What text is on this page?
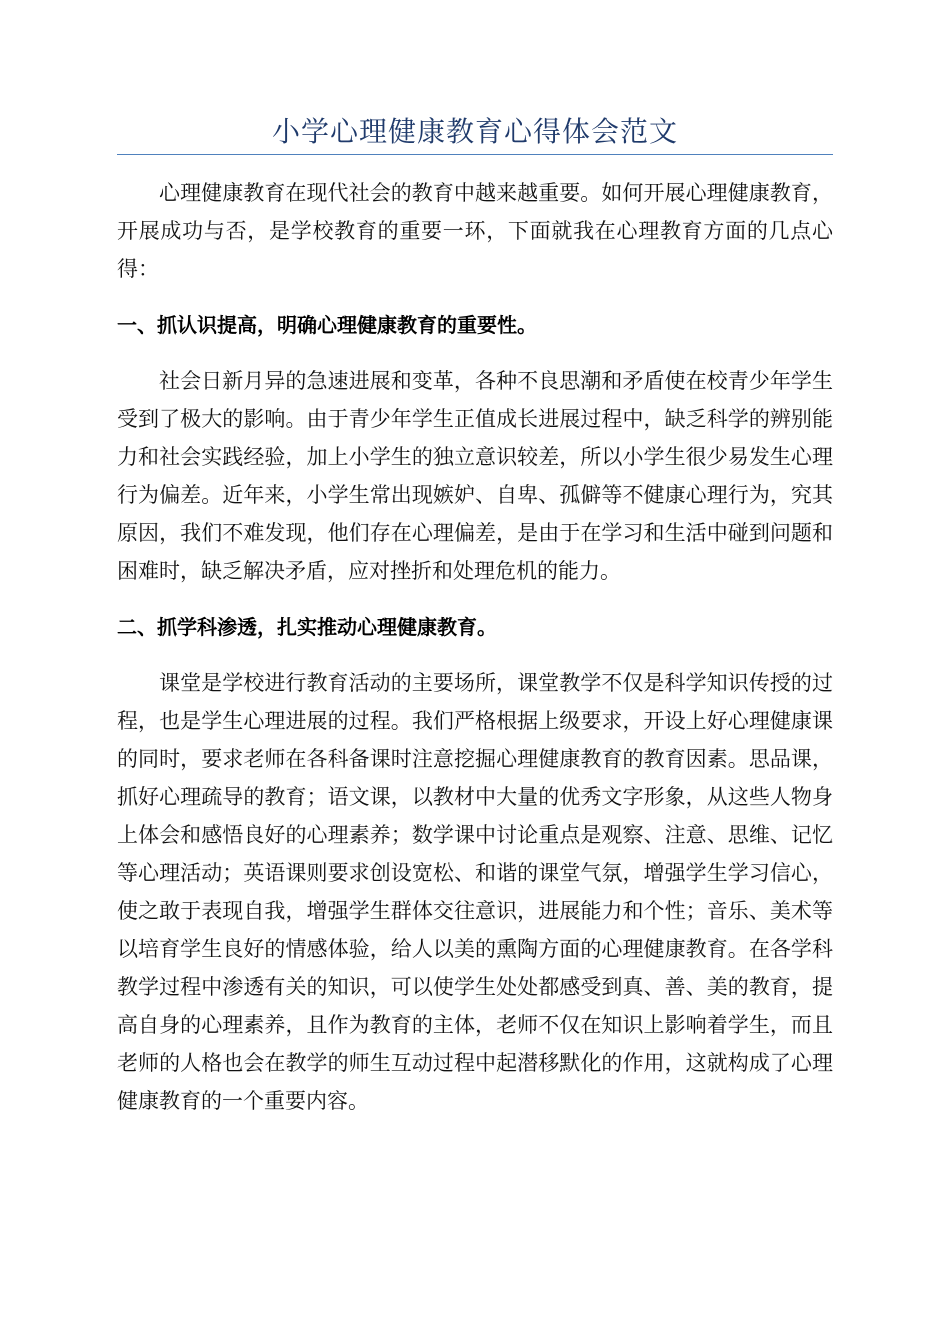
小学心理健康教育心得体会范文

心理健康教育在现代社会的教育中越来越重要。如何开展心理健康教育，开展成功与否，是学校教育的重要一环，下面就我在心理教育方面的几点心得：

一、抓认识提高，明确心理健康教育的重要性。

社会日新月异的急速进展和变革，各种不良思潮和矛盾使在校青少年学生受到了极大的影响。由于青少年学生正值成长进展过程中，缺乏科学的辨别能力和社会实践经验，加上小学生的独立意识较差，所以小学生很少易发生心理行为偏差。近年来，小学生常出现嫉妒、自卑、孤僻等不健康心理行为，究其原因，我们不难发现，他们存在心理偏差，是由于在学习和生活中碰到问题和困难时，缺乏解决矛盾，应对挫折和处理危机的能力。

二、抓学科渗透，扎实推动心理健康教育。

课堂是学校进行教育活动的主要场所，课堂教学不仅是科学知识传授的过程，也是学生心理进展的过程。我们严格根据上级要求，开设上好心理健康课的同时，要求老师在各科备课时注意挖掘心理健康教育的教育因素。思品课，抓好心理疏导的教育；语文课，以教材中大量的优秀文字形象，从这些人物身上体会和感悟良好的心理素养；数学课中讨论重点是观察、注意、思维、记忆等心理活动；英语课则要求创设宽松、和谐的课堂气氛，增强学生学习信心，使之敢于表现自我，增强学生群体交往意识，进展能力和个性；音乐、美术等以培育学生良好的情感体验，给人以美的熏陶方面的心理健康教育。在各学科教学过程中渗透有关的知识，可以使学生处处都感受到真、善、美的教育，提高自身的心理素养，且作为教育的主体，老师不仅在知识上影响着学生，而且老师的人格也会在教学的师生互动过程中起潜移默化的作用，这就构成了心理健康教育的一个重要内容。
